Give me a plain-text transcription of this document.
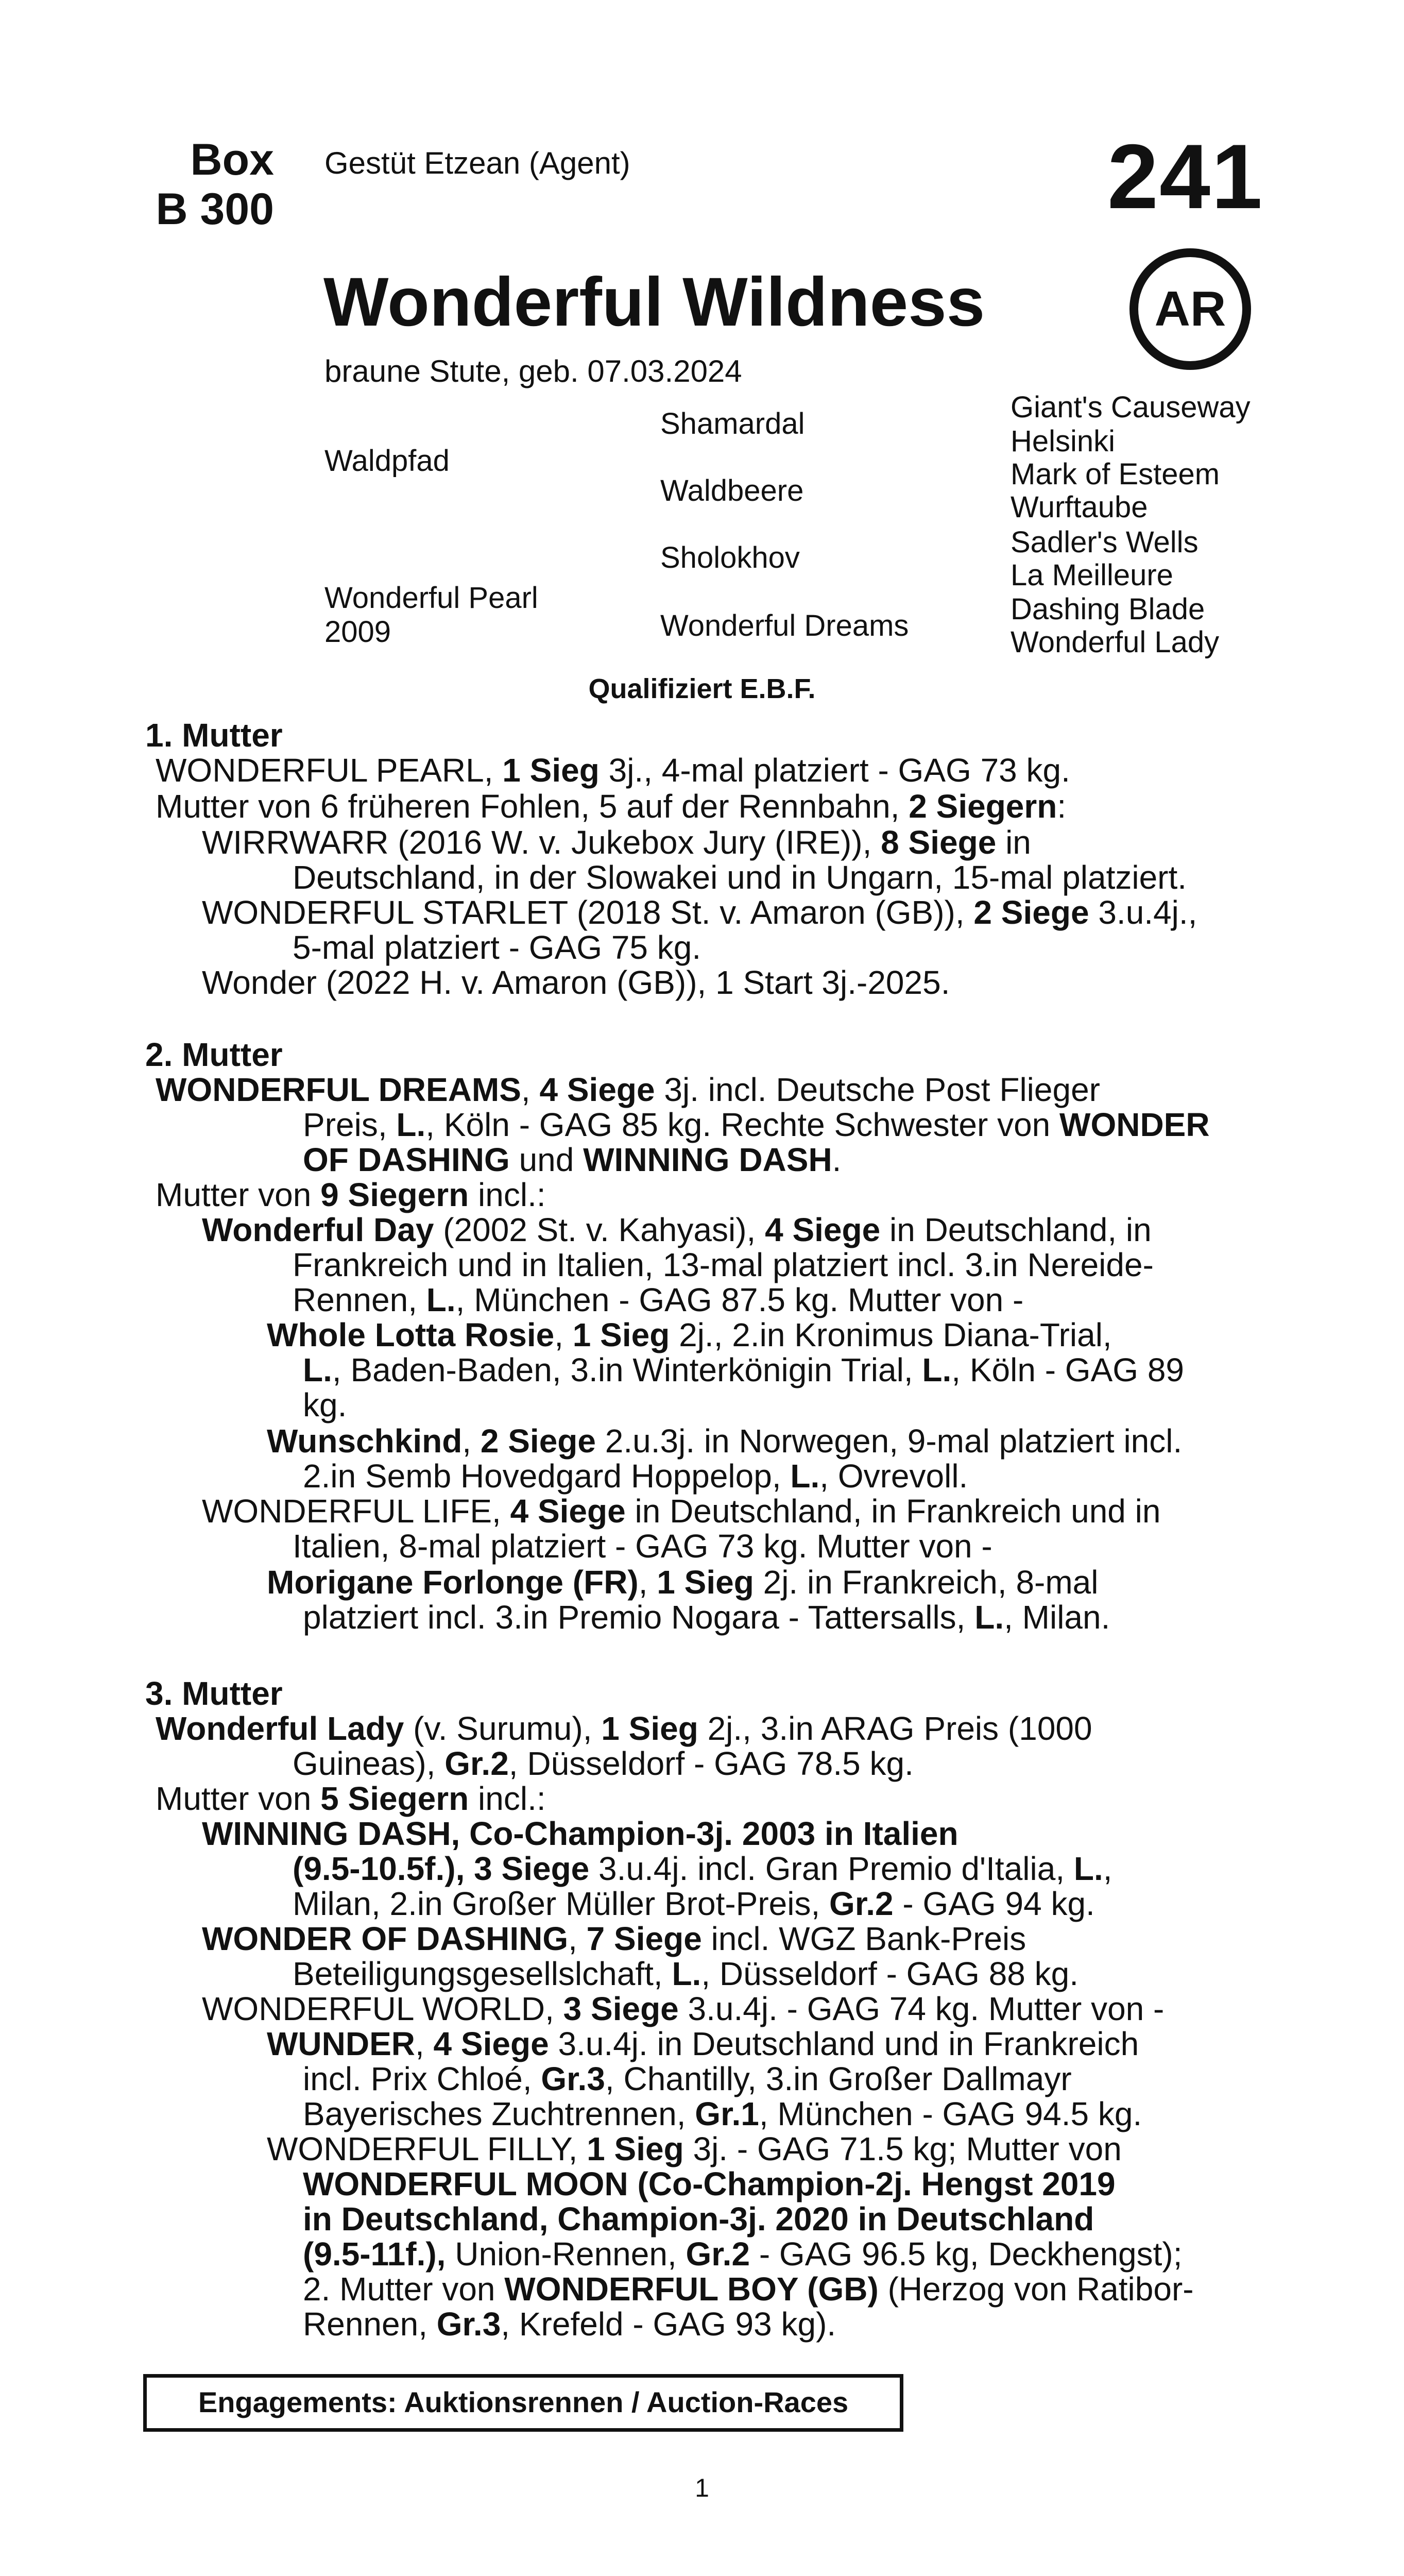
Box
B 300
Gestüt Etzean (Agent)	241
Wonderful Wildness	AR
braune Stute, geb. 07.03.2024
Waldpfad
Wonderful Pearl
2009
Shamardal
Waldbeere
Sholokhov
Wonderful Dreams
Giant's Causeway
Helsinki
Mark of Esteem
Wurftaube
Sadler's Wells
La Meilleure
Dashing Blade
Wonderful Lady
Qualifiziert E.B.F.
1. Mutter
WONDERFUL PEARL, 1 Sieg 3j., 4-mal platziert - GAG 73 kg.
Mutter von 6 früheren Fohlen, 5 auf der Rennbahn, 2 Siegern:
WIRRWARR (2016 W. v. Jukebox Jury (IRE)), 8 Siege in
Deutschland, in der Slowakei und in Ungarn, 15-mal platziert.
WONDERFUL STARLET (2018 St. v. Amaron (GB)), 2 Siege 3.u.4j.,
5-mal platziert - GAG 75 kg.
Wonder (2022 H. v. Amaron (GB)), 1 Start 3j.-2025.
2. Mutter
WONDERFUL DREAMS, 4 Siege 3j. incl. Deutsche Post Flieger
Preis, L., Köln - GAG 85 kg. Rechte Schwester von WONDER
OF DASHING und WINNING DASH.
Mutter von 9 Siegern incl.:
Wonderful Day (2002 St. v. Kahyasi), 4 Siege in Deutschland, in
Frankreich und in Italien, 13-mal platziert incl. 3.in Nereide-
Rennen, L., München - GAG 87.5 kg. Mutter von -
Whole Lotta Rosie, 1 Sieg 2j., 2.in Kronimus Diana-Trial,
L., Baden-Baden, 3.in Winterkönigin Trial, L., Köln - GAG 89
kg.
Wunschkind, 2 Siege 2.u.3j. in Norwegen, 9-mal platziert incl.
2.in Semb Hovedgard Hoppelop, L., Ovrevoll.
WONDERFUL LIFE, 4 Siege in Deutschland, in Frankreich und in
Italien, 8-mal platziert - GAG 73 kg. Mutter von -
Morigane Forlonge (FR), 1 Sieg 2j. in Frankreich, 8-mal
platziert incl. 3.in Premio Nogara - Tattersalls, L., Milan.
3. Mutter
Wonderful Lady (v. Surumu), 1 Sieg 2j., 3.in ARAG Preis (1000
Guineas), Gr.2, Düsseldorf - GAG 78.5 kg.
Mutter von 5 Siegern incl.:
WINNING DASH, Co-Champion-3j. 2003 in Italien
(9.5-10.5f.), 3 Siege 3.u.4j. incl. Gran Premio d'Italia, L.,
Milan, 2.in Großer Müller Brot-Preis, Gr.2 - GAG 94 kg.
WONDER OF DASHING, 7 Siege incl. WGZ Bank-Preis
Beteiligungsgesellslchaft, L., Düsseldorf - GAG 88 kg.
WONDERFUL WORLD, 3 Siege 3.u.4j. - GAG 74 kg. Mutter von -
WUNDER, 4 Siege 3.u.4j. in Deutschland und in Frankreich
incl. Prix Chloé, Gr.3, Chantilly, 3.in Großer Dallmayr
Bayerisches Zuchtrennen, Gr.1, München - GAG 94.5 kg.
WONDERFUL FILLY, 1 Sieg 3j. - GAG 71.5 kg; Mutter von
WONDERFUL MOON (Co-Champion-2j. Hengst 2019
in Deutschland, Champion-3j. 2020 in Deutschland
(9.5-11f.), Union-Rennen, Gr.2 - GAG 96.5 kg, Deckhengst);
2. Mutter von WONDERFUL BOY (GB) (Herzog von Ratibor-
Rennen, Gr.3, Krefeld - GAG 93 kg).
Engagements: Auktionsrennen / Auction-Races
1
